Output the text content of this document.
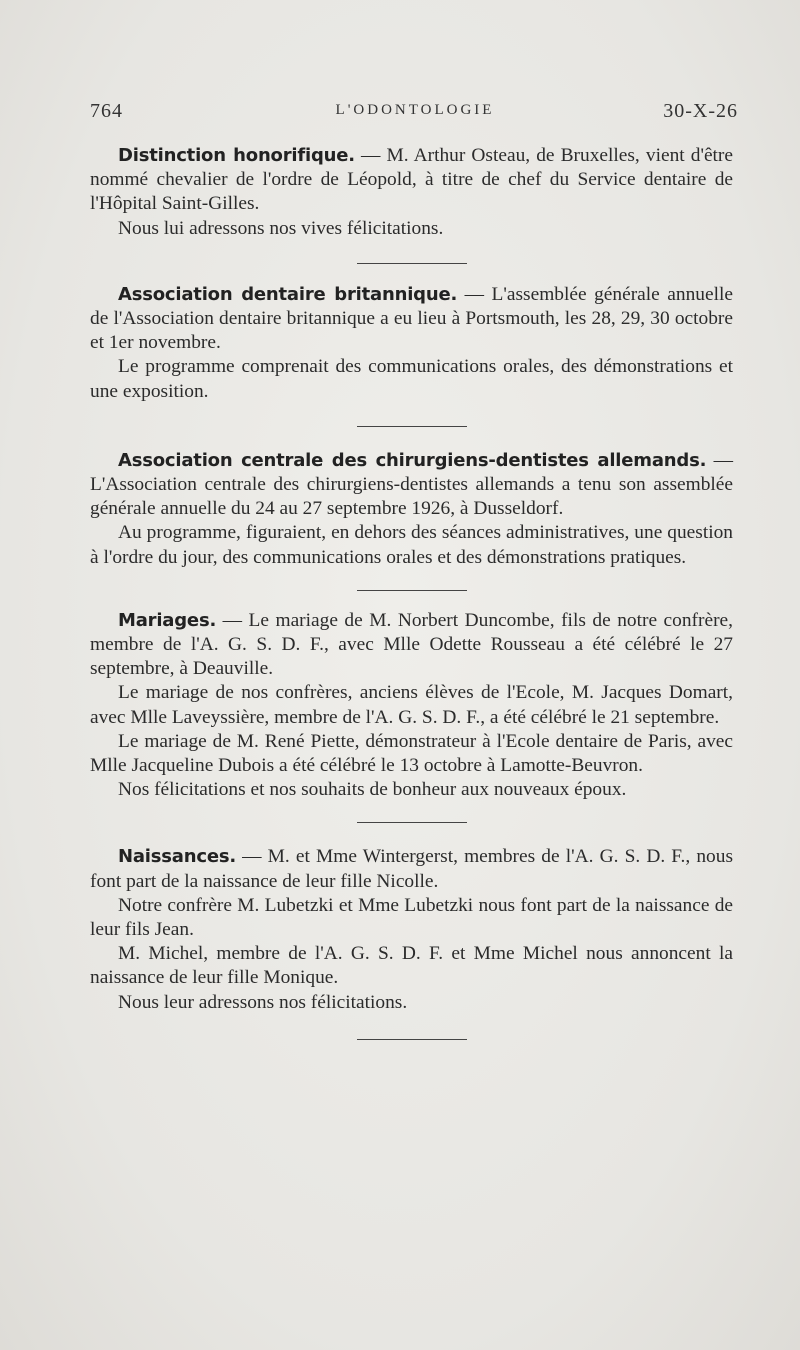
764	L'ODONTOLOGIE	30-X-26

Distinction honorifique. — M. Arthur Osteau, de Bruxelles, vient d'être nommé chevalier de l'ordre de Léopold, à titre de chef du Service dentaire de l'Hôpital Saint-Gilles.

Nous lui adressons nos vives félicitations.

Association dentaire britannique. — L'assemblée générale annuelle de l'Association dentaire britannique a eu lieu à Portsmouth, les 28, 29, 30 octobre et 1er novembre.

Le programme comprenait des communications orales, des démonstrations et une exposition.

Association centrale des chirurgiens-dentistes allemands. — L'Association centrale des chirurgiens-dentistes allemands a tenu son assemblée générale annuelle du 24 au 27 septembre 1926, à Dusseldorf.

Au programme, figuraient, en dehors des séances administratives, une question à l'ordre du jour, des communications orales et des démonstrations pratiques.

Mariages. — Le mariage de M. Norbert Duncombe, fils de notre confrère, membre de l'A. G. S. D. F., avec Mlle Odette Rousseau a été célébré le 27 septembre, à Deauville.

Le mariage de nos confrères, anciens élèves de l'Ecole, M. Jacques Domart, avec Mlle Laveyssière, membre de l'A. G. S. D. F., a été célébré le 21 septembre.

Le mariage de M. René Piette, démonstrateur à l'Ecole dentaire de Paris, avec Mlle Jacqueline Dubois a été célébré le 13 octobre à Lamotte-Beuvron.

Nos félicitations et nos souhaits de bonheur aux nouveaux époux.

Naissances. — M. et Mme Wintergerst, membres de l'A. G. S. D. F., nous font part de la naissance de leur fille Nicolle.

Notre confrère M. Lubetzki et Mme Lubetzki nous font part de la naissance de leur fils Jean.

M. Michel, membre de l'A. G. S. D. F. et Mme Michel nous annoncent la naissance de leur fille Monique.

Nous leur adressons nos félicitations.
